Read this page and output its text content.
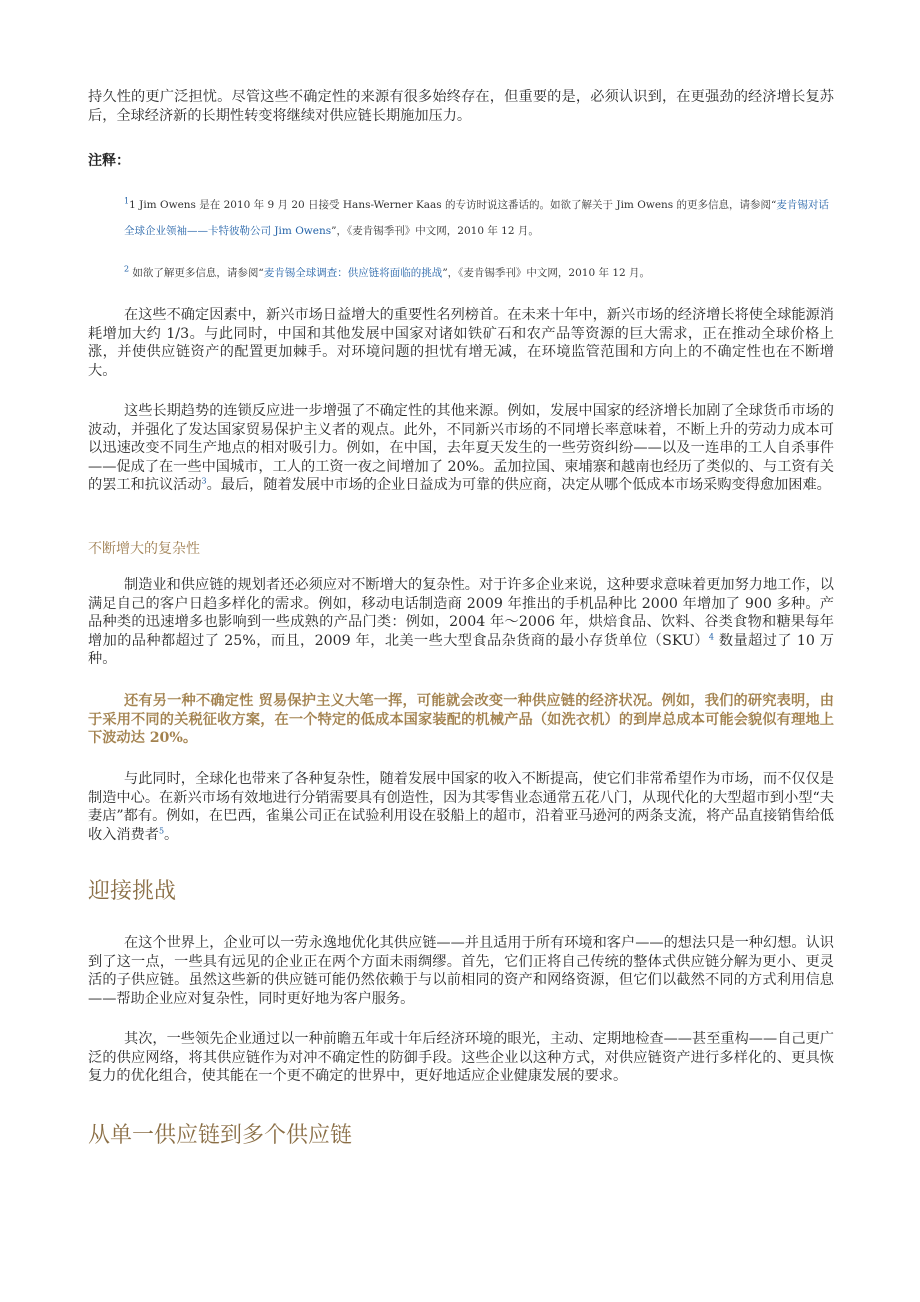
持久性的更广泛担忧。尽管这些不确定性的来源有很多始终存在，但重要的是，必须认识到，在更强劲的经济增长复苏后，全球经济新的长期性转变将继续对供应链长期施加压力。

注释：

$^1$1 Jim Owens 是在 2010 年 9 月 20 日接受 Hans-Werner Kaas 的专访时说这番话的。如欲了解关于 Jim Owens 的更多信息，请参阅“麦肯锡对话全球企业领袖——卡特彼勒公司 Jim Owens”，《麦肯锡季刊》中文网，2010 年 12 月。
$^2$ 如欲了解更多信息，请参阅“麦肯锡全球调查：供应链将面临的挑战”，《麦肯锡季刊》中文网，2010 年 12 月。

在这些不确定因素中，新兴市场日益增大的重要性名列榜首。在未来十年中，新兴市场的经济增长将使全球能源消耗增加大约 1/3。与此同时，中国和其他发展中国家对诸如铁矿石和农产品等资源的巨大需求，正在推动全球价格上涨，并使供应链资产的配置更加棘手。对环境问题的担忧有增无减，在环境监管范围和方向上的不确定性也在不断增大。

这些长期趋势的连锁反应进一步增强了不确定性的其他来源。例如，发展中国家的经济增长加剧了全球货币市场的波动，并强化了发达国家贸易保护主义者的观点。此外，不同新兴市场的不同增长率意味着，不断上升的劳动力成本可以迅速改变不同生产地点的相对吸引力。例如，在中国，去年夏天发生的一些劳资纠纷——以及一连串的工人自杀事件——促成了在一些中国城市，工人的工资一夜之间增加了 20%。孟加拉国、柬埔寨和越南也经历了类似的、与工资有关的罢工和抗议活动$^3$。最后，随着发展中市场的企业日益成为可靠的供应商，决定从哪个低成本市场采购变得愈加困难。

不断增大的复杂性

制造业和供应链的规划者还必须应对不断增大的复杂性。对于许多企业来说，这种要求意味着更加努力地工作，以满足自己的客户日趋多样化的需求。例如，移动电话制造商 2009 年推出的手机品种比 2000 年增加了 900 多种。产品种类的迅速增多也影响到一些成熟的产品门类：例如，2004 年～2006 年，烘焙食品、饮料、谷类食物和糖果每年增加的品种都超过了 25%，而且，2009 年，北美一些大型食品杂货商的最小存货单位（SKU）$^4$ 数量超过了 10 万种。

还有另一种不确定性 贸易保护主义大笔一挥，可能就会改变一种供应链的经济状况。例如，我们的研究表明，由于采用不同的关税征收方案，在一个特定的低成本国家装配的机械产品（如洗衣机）的到岸总成本可能会貌似有理地上下波动达 20%。

与此同时，全球化也带来了各种复杂性，随着发展中国家的收入不断提高，使它们非常希望作为市场，而不仅仅是制造中心。在新兴市场有效地进行分销需要具有创造性，因为其零售业态通常五花八门，从现代化的大型超市到小型“夫妻店”都有。例如，在巴西，雀巢公司正在试验利用设在驳船上的超市，沿着亚马逊河的两条支流，将产品直接销售给低收入消费者$^5$。

迎接挑战

在这个世界上，企业可以一劳永逸地优化其供应链——并且适用于所有环境和客户——的想法只是一种幻想。认识到了这一点，一些具有远见的企业正在两个方面未雨绸缪。首先，它们正将自己传统的整体式供应链分解为更小、更灵活的子供应链。虽然这些新的供应链可能仍然依赖于与以前相同的资产和网络资源，但它们以截然不同的方式利用信息——帮助企业应对复杂性，同时更好地为客户服务。

其次，一些领先企业通过以一种前瞻五年或十年后经济环境的眼光，主动、定期地检查——甚至重构——自己更广泛的供应网络，将其供应链作为对冲不确定性的防御手段。这些企业以这种方式，对供应链资产进行多样化的、更具恢复力的优化组合，使其能在一个更不确定的世界中，更好地适应企业健康发展的要求。

从单一供应链到多个供应链
